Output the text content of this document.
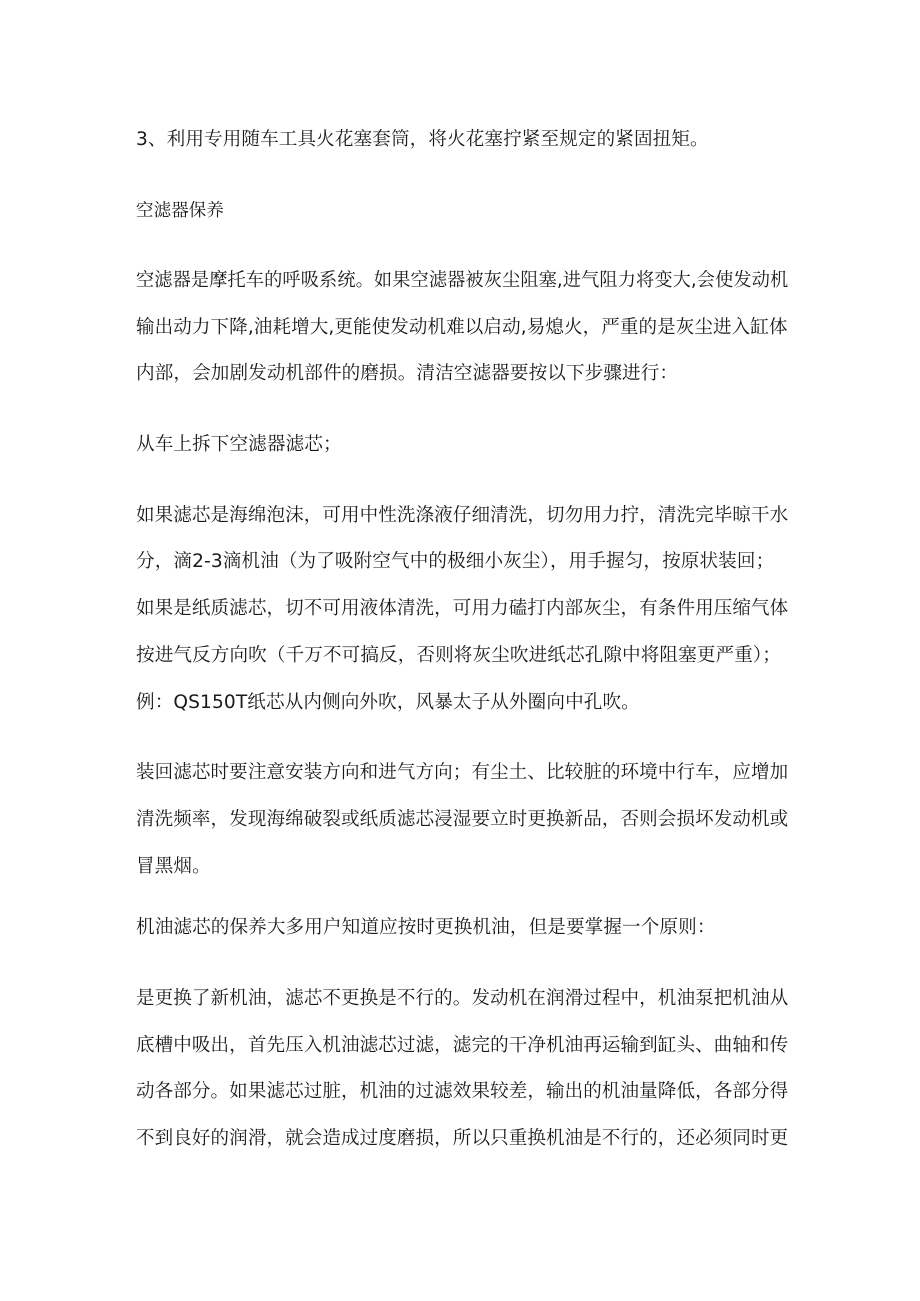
3、利用专用随车工具火花塞套筒，将火花塞拧紧至规定的紧固扭矩。
空滤器保养
空滤器是摩托车的呼吸系统。如果空滤器被灰尘阻塞,进气阻力将变大,会使发动机
输出动力下降,油耗增大,更能使发动机难以启动,易熄火，严重的是灰尘进入缸体
内部，会加剧发动机部件的磨损。清洁空滤器要按以下步骤进行：
从车上拆下空滤器滤芯；
如果滤芯是海绵泡沫，可用中性洗涤液仔细清洗，切勿用力拧，清洗完毕晾干水
分，滴2-3滴机油（为了吸附空气中的极细小灰尘），用手握匀，按原状装回；
如果是纸质滤芯，切不可用液体清洗，可用力磕打内部灰尘，有条件用压缩气体
按进气反方向吹（千万不可搞反，否则将灰尘吹进纸芯孔隙中将阻塞更严重）；
例：QS150T纸芯从内侧向外吹，风暴太子从外圈向中孔吹。
装回滤芯时要注意安装方向和进气方向；有尘土、比较脏的环境中行车，应增加
清洗频率，发现海绵破裂或纸质滤芯浸湿要立时更换新品，否则会损坏发动机或
冒黑烟。
机油滤芯的保养大多用户知道应按时更换机油，但是要掌握一个原则：
是更换了新机油，滤芯不更换是不行的。发动机在润滑过程中，机油泵把机油从
底槽中吸出，首先压入机油滤芯过滤，滤完的干净机油再运输到缸头、曲轴和传
动各部分。如果滤芯过脏，机油的过滤效果较差，输出的机油量降低，各部分得
不到良好的润滑，就会造成过度磨损，所以只重换机油是不行的，还必须同时更
